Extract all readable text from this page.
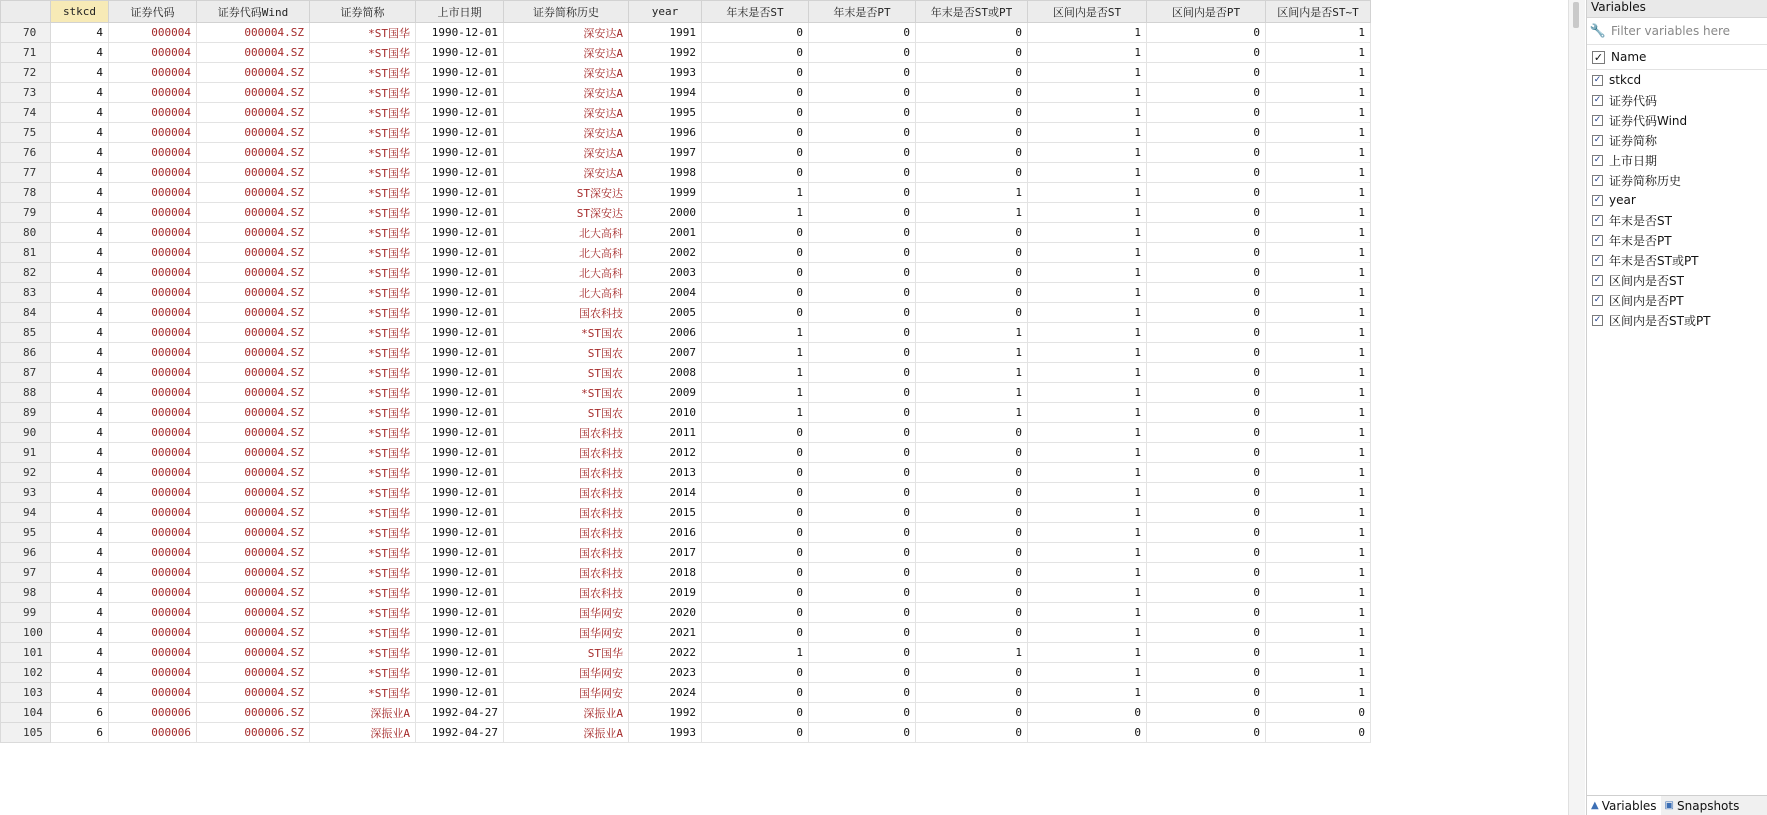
	stkcd	证券代码	证券代码Wind	证券简称	上市日期	证券简称历史	year	年末是否ST	年末是否PT	年末是否ST或PT	区间内是否ST	区间内是否PT	区间内是否ST~T
70	4	000004	000004.SZ	*ST国华	1990-12-01	深安达A	1991	0	0	0	1	0	1
71	4	000004	000004.SZ	*ST国华	1990-12-01	深安达A	1992	0	0	0	1	0	1
72	4	000004	000004.SZ	*ST国华	1990-12-01	深安达A	1993	0	0	0	1	0	1
73	4	000004	000004.SZ	*ST国华	1990-12-01	深安达A	1994	0	0	0	1	0	1
74	4	000004	000004.SZ	*ST国华	1990-12-01	深安达A	1995	0	0	0	1	0	1
75	4	000004	000004.SZ	*ST国华	1990-12-01	深安达A	1996	0	0	0	1	0	1
76	4	000004	000004.SZ	*ST国华	1990-12-01	深安达A	1997	0	0	0	1	0	1
77	4	000004	000004.SZ	*ST国华	1990-12-01	深安达A	1998	0	0	0	1	0	1
78	4	000004	000004.SZ	*ST国华	1990-12-01	ST深安达	1999	1	0	1	1	0	1
79	4	000004	000004.SZ	*ST国华	1990-12-01	ST深安达	2000	1	0	1	1	0	1
80	4	000004	000004.SZ	*ST国华	1990-12-01	北大高科	2001	0	0	0	1	0	1
81	4	000004	000004.SZ	*ST国华	1990-12-01	北大高科	2002	0	0	0	1	0	1
82	4	000004	000004.SZ	*ST国华	1990-12-01	北大高科	2003	0	0	0	1	0	1
83	4	000004	000004.SZ	*ST国华	1990-12-01	北大高科	2004	0	0	0	1	0	1
84	4	000004	000004.SZ	*ST国华	1990-12-01	国农科技	2005	0	0	0	1	0	1
85	4	000004	000004.SZ	*ST国华	1990-12-01	*ST国农	2006	1	0	1	1	0	1
86	4	000004	000004.SZ	*ST国华	1990-12-01	ST国农	2007	1	0	1	1	0	1
87	4	000004	000004.SZ	*ST国华	1990-12-01	ST国农	2008	1	0	1	1	0	1
88	4	000004	000004.SZ	*ST国华	1990-12-01	*ST国农	2009	1	0	1	1	0	1
89	4	000004	000004.SZ	*ST国华	1990-12-01	ST国农	2010	1	0	1	1	0	1
90	4	000004	000004.SZ	*ST国华	1990-12-01	国农科技	2011	0	0	0	1	0	1
91	4	000004	000004.SZ	*ST国华	1990-12-01	国农科技	2012	0	0	0	1	0	1
92	4	000004	000004.SZ	*ST国华	1990-12-01	国农科技	2013	0	0	0	1	0	1
93	4	000004	000004.SZ	*ST国华	1990-12-01	国农科技	2014	0	0	0	1	0	1
94	4	000004	000004.SZ	*ST国华	1990-12-01	国农科技	2015	0	0	0	1	0	1
95	4	000004	000004.SZ	*ST国华	1990-12-01	国农科技	2016	0	0	0	1	0	1
96	4	000004	000004.SZ	*ST国华	1990-12-01	国农科技	2017	0	0	0	1	0	1
97	4	000004	000004.SZ	*ST国华	1990-12-01	国农科技	2018	0	0	0	1	0	1
98	4	000004	000004.SZ	*ST国华	1990-12-01	国农科技	2019	0	0	0	1	0	1
99	4	000004	000004.SZ	*ST国华	1990-12-01	国华网安	2020	0	0	0	1	0	1
100	4	000004	000004.SZ	*ST国华	1990-12-01	国华网安	2021	0	0	0	1	0	1
101	4	000004	000004.SZ	*ST国华	1990-12-01	ST国华	2022	1	0	1	1	0	1
102	4	000004	000004.SZ	*ST国华	1990-12-01	国华网安	2023	0	0	0	1	0	1
103	4	000004	000004.SZ	*ST国华	1990-12-01	国华网安	2024	0	0	0	1	0	1
104	6	000006	000006.SZ	深振业A	1992-04-27	深振业A	1992	0	0	0	0	0	0
105	6	000006	000006.SZ	深振业A	1992-04-27	深振业A	1993	0	0	0	0	0	0
Variables
🔧
Filter variables here
✓ Name
✓ stkcd
✓ 证券代码
✓ 证券代码Wind
✓ 证券简称
✓ 上市日期
✓ 证券简称历史
✓ year
✓ 年末是否ST
✓ 年末是否PT
✓ 年末是否ST或PT
✓ 区间内是否ST
✓ 区间内是否PT
✓ 区间内是否ST或PT
▲ Variables ▣ Snapshots
